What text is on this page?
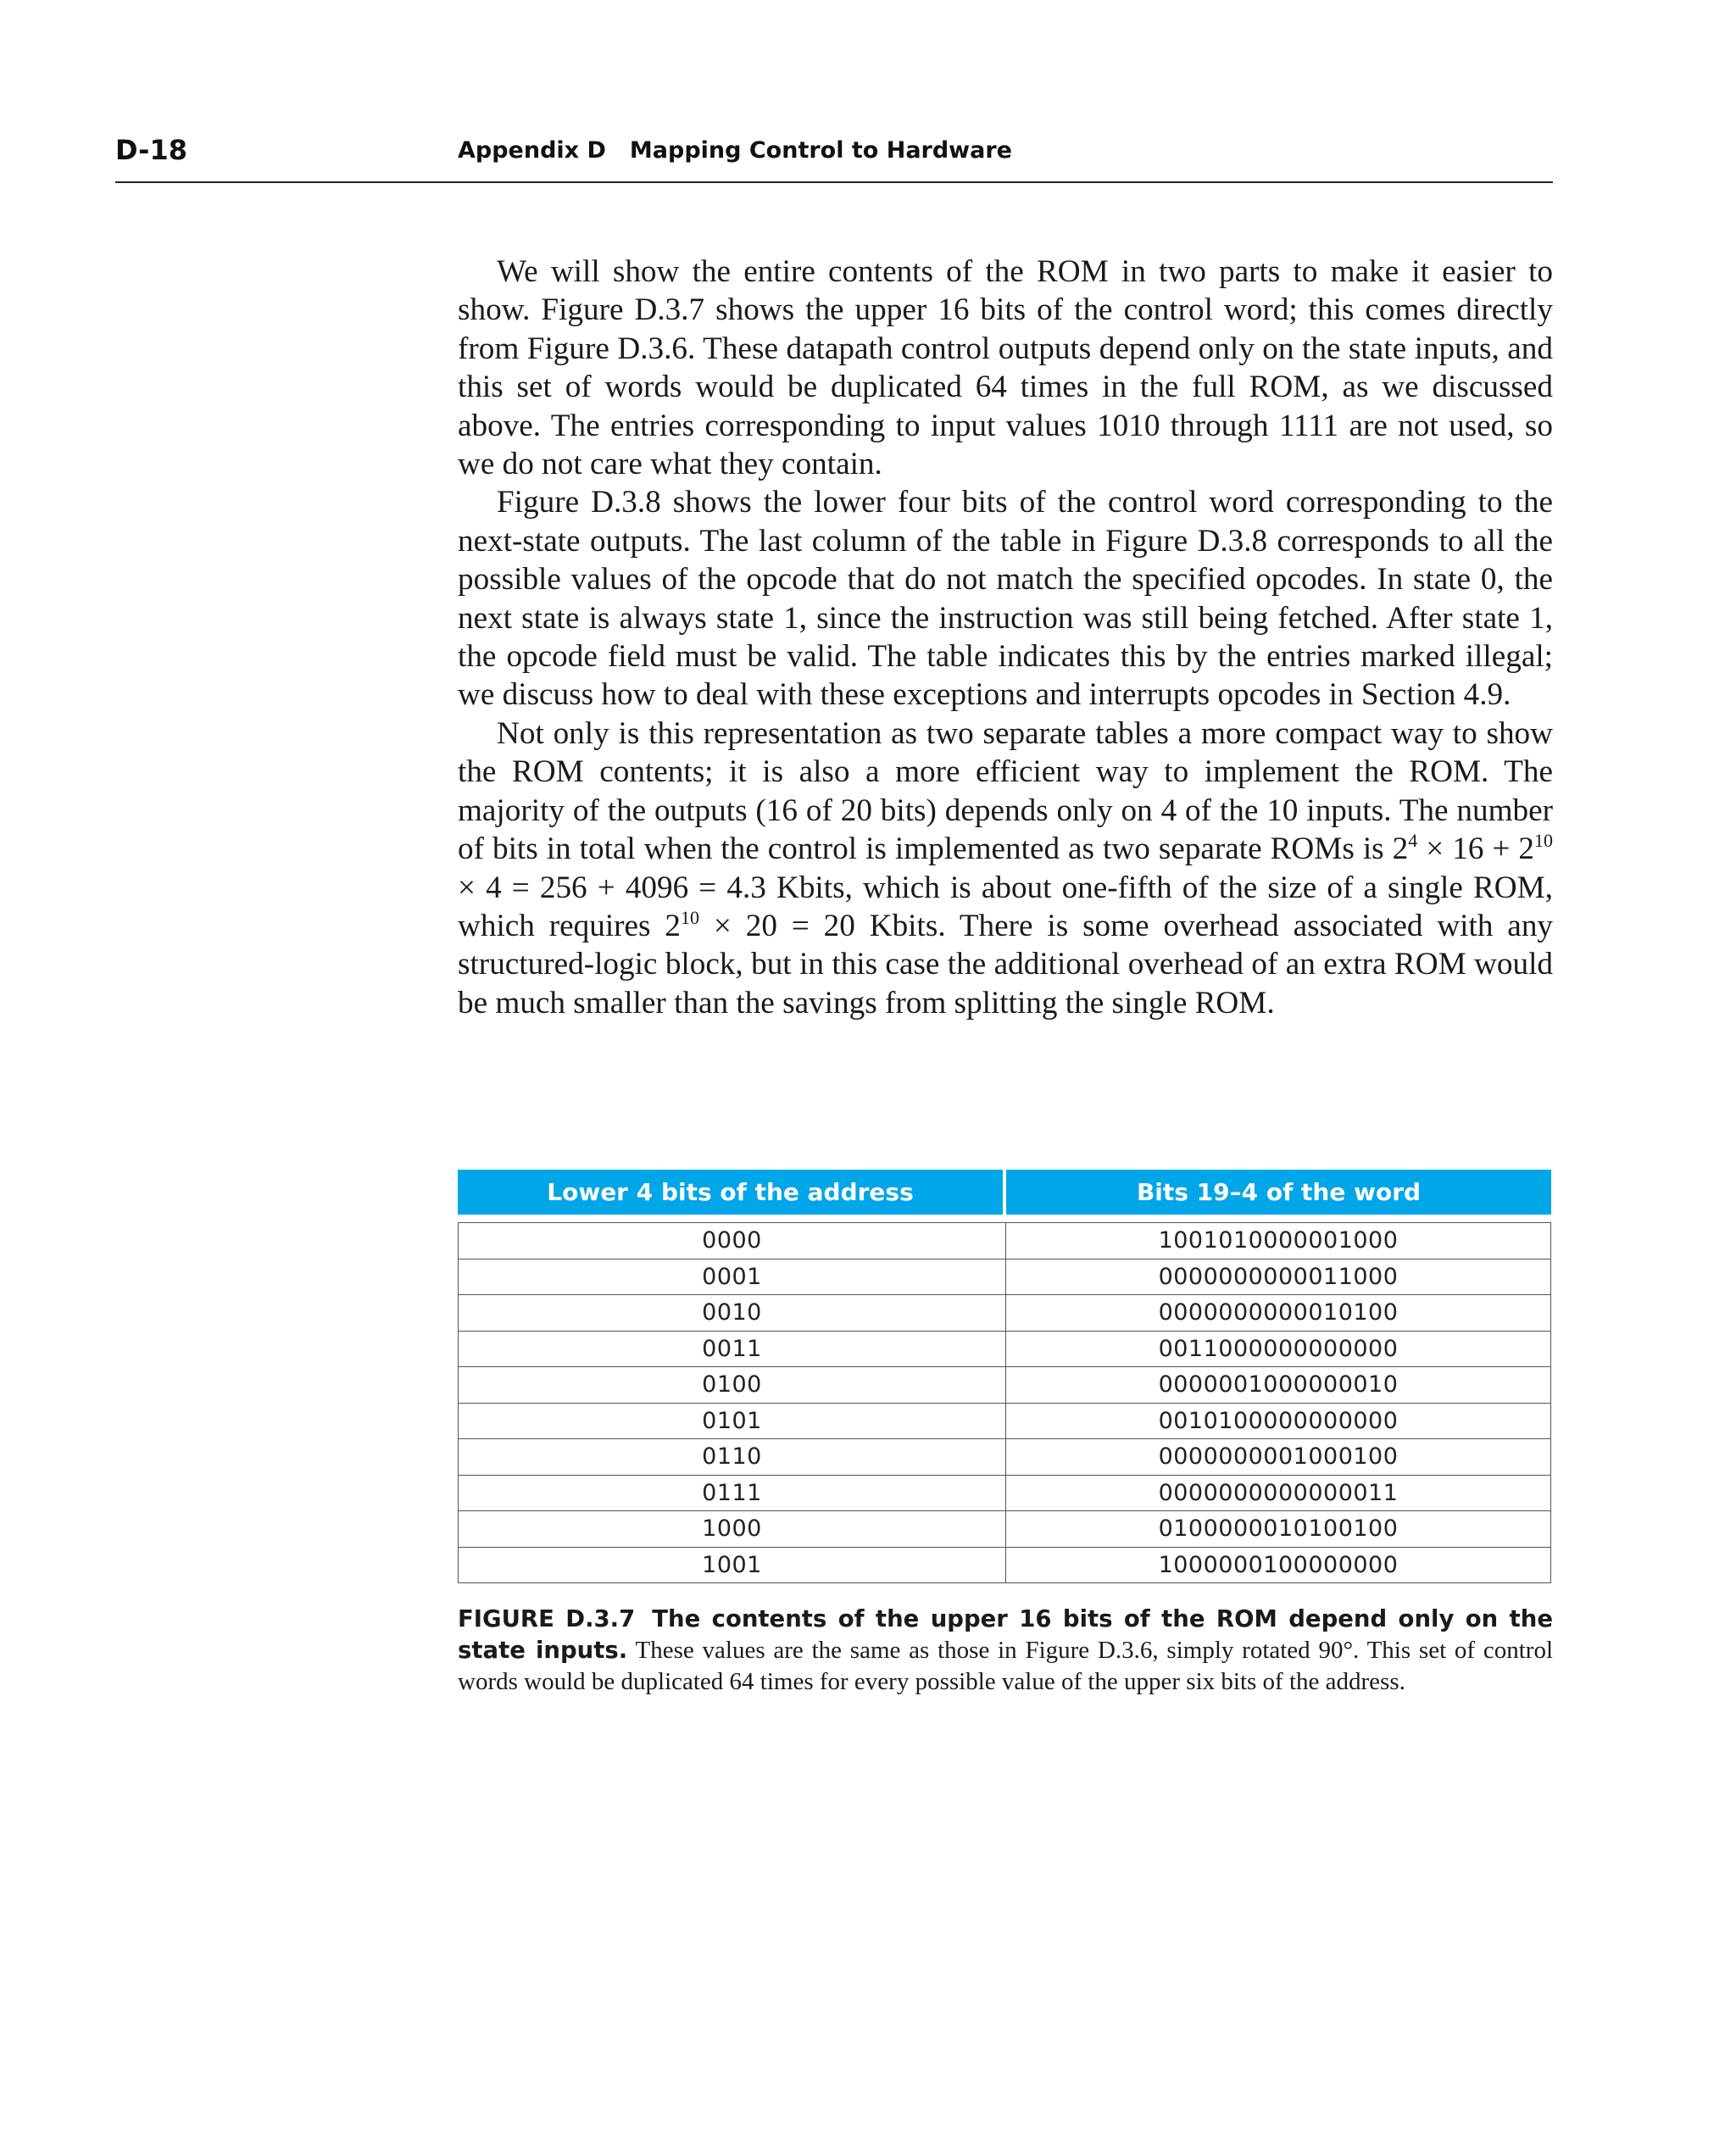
D-18	Appendix D Mapping Control to Hardware

We will show the entire contents of the ROM in two parts to make it easier to show. Figure D.3.7 shows the upper 16 bits of the control word; this comes directly from Figure D.3.6. These datapath control outputs depend only on the state inputs, and this set of words would be duplicated 64 times in the full ROM, as we discussed above. The entries corresponding to input values 1010 through 1111 are not used, so we do not care what they contain.

Figure D.3.8 shows the lower four bits of the control word corresponding to the next-state outputs. The last column of the table in Figure D.3.8 corresponds to all the possible values of the opcode that do not match the specified opcodes. In state 0, the next state is always state 1, since the instruction was still being fetched. After state 1, the opcode field must be valid. The table indicates this by the entries marked illegal; we discuss how to deal with these exceptions and interrupts opcodes in Section 4.9.

Not only is this representation as two separate tables a more compact way to show the ROM contents; it is also a more efficient way to implement the ROM. The majority of the outputs (16 of 20 bits) depends only on 4 of the 10 inputs. The number of bits in total when the control is implemented as two separate ROMs is $2^4 \times 16 + 2^{10} \times 4 = 256 + 4096 = 4.3$ Kbits, which is about one-fifth of the size of a single ROM, which requires $2^{10} \times 20 = 20$ Kbits. There is some overhead associated with any structured-logic block, but in this case the additional overhead of an extra ROM would be much smaller than the savings from splitting the single ROM.

Lower 4 bits of the address	Bits 19–4 of the word
0000	1001010000001000
0001	0000000000011000
0010	0000000000010100
0011	0011000000000000
0100	0000001000000010
0101	0010100000000000
0110	0000000001000100
0111	0000000000000011
1000	0100000010100100
1001	1000000100000000
FIGURE D.3.7 The contents of the upper 16 bits of the ROM depend only on the state inputs. These values are the same as those in Figure D.3.6, simply rotated 90°. This set of control words would be duplicated 64 times for every possible value of the upper six bits of the address.
